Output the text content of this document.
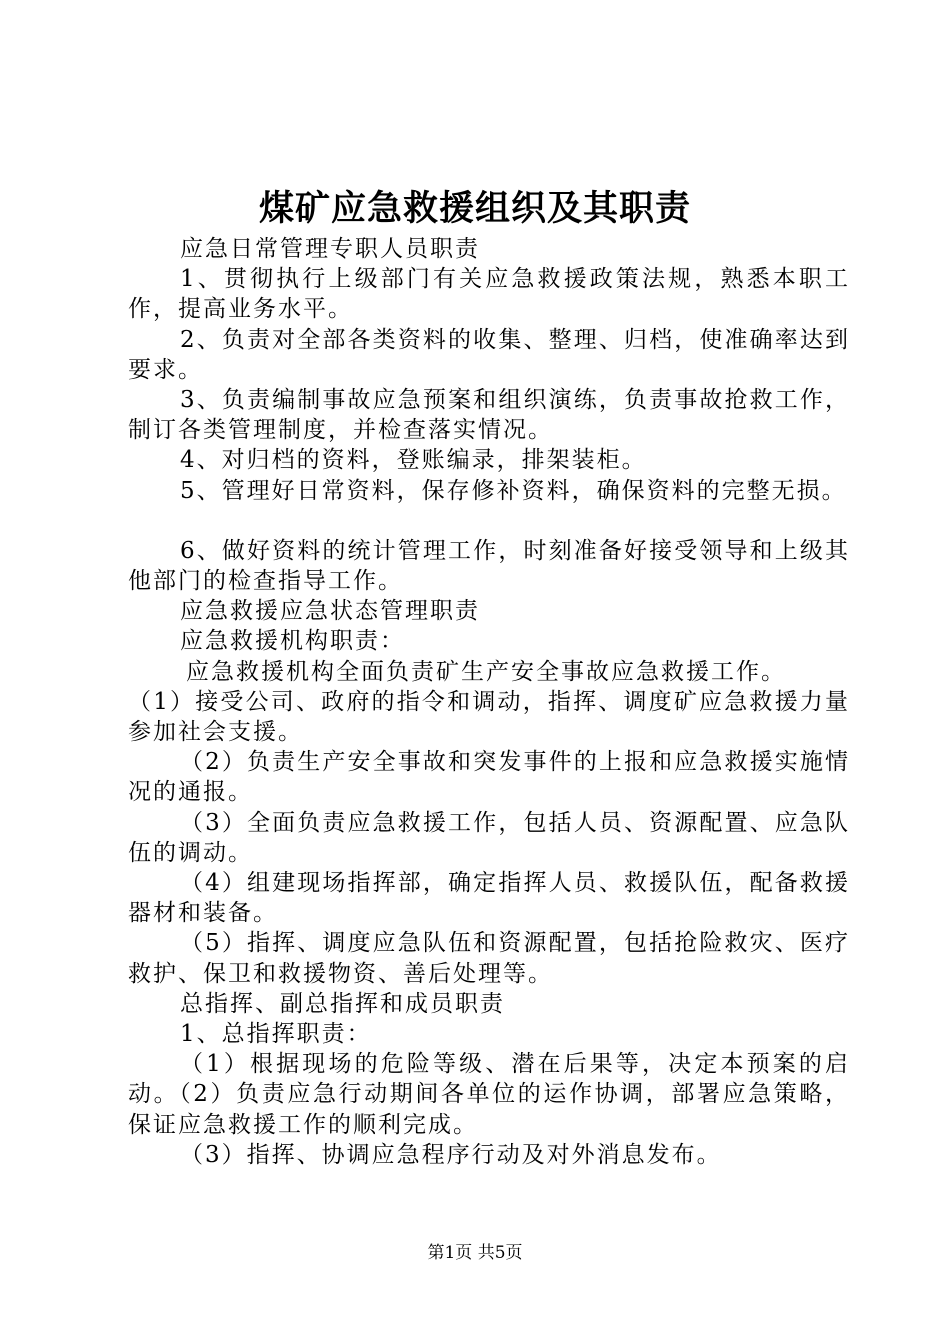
煤矿应急救援组织及其职责

应急日常管理专职人员职责

1、贯彻执行上级部门有关应急救援政策法规，熟悉本职工作，提高业务水平。

2、负责对全部各类资料的收集、整理、归档，使准确率达到要求。

3、负责编制事故应急预案和组织演练，负责事故抢救工作，制订各类管理制度，并检查落实情况。

4、对归档的资料，登账编录，排架装柜。

5、管理好日常资料，保存修补资料，确保资料的完整无损。

6、做好资料的统计管理工作，时刻准备好接受领导和上级其他部门的检查指导工作。

应急救援应急状态管理职责

应急救援机构职责：

应急救援机构全面负责矿生产安全事故应急救援工作。

（1）接受公司、政府的指令和调动，指挥、调度矿应急救援力量参加社会支援。

（2）负责生产安全事故和突发事件的上报和应急救援实施情况的通报。

（3）全面负责应急救援工作，包括人员、资源配置、应急队伍的调动。

（4）组建现场指挥部，确定指挥人员、救援队伍，配备救援器材和装备。

（5）指挥、调度应急队伍和资源配置，包括抢险救灾、医疗救护、保卫和救援物资、善后处理等。

总指挥、副总指挥和成员职责

1、总指挥职责：

（1）根据现场的危险等级、潜在后果等，决定本预案的启动。（2）负责应急行动期间各单位的运作协调，部署应急策略，保证应急救援工作的顺利完成。

（3）指挥、协调应急程序行动及对外消息发布。

第1页 共5页
